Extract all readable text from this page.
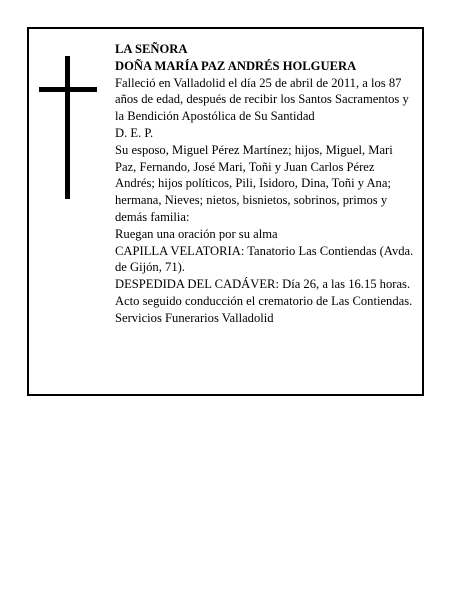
LA SEÑORA

DOÑA MARÍA PAZ ANDRÉS HOLGUERA

Falleció en Valladolid el día 25 de abril de 2011, a los 87 años de edad, después de recibir los Santos Sacramentos y la Bendición Apostólica de Su Santidad

D. E. P.

Su esposo, Miguel Pérez Martínez; hijos, Miguel, Mari Paz, Fernando, José Mari, Toñi y Juan Carlos Pérez Andrés; hijos políticos, Pili, Isidoro, Dina, Toñi y Ana; hermana, Nieves; nietos, bisnietos, sobrinos, primos y demás familia:

Ruegan una oración por su alma

CAPILLA VELATORIA: Tanatorio Las Contiendas (Avda. de Gijón, 71).

DESPEDIDA DEL CADÁVER: Día 26, a las 16.15 horas. Acto seguido conducción el crematorio de Las Contiendas.

Servicios Funerarios Valladolid
